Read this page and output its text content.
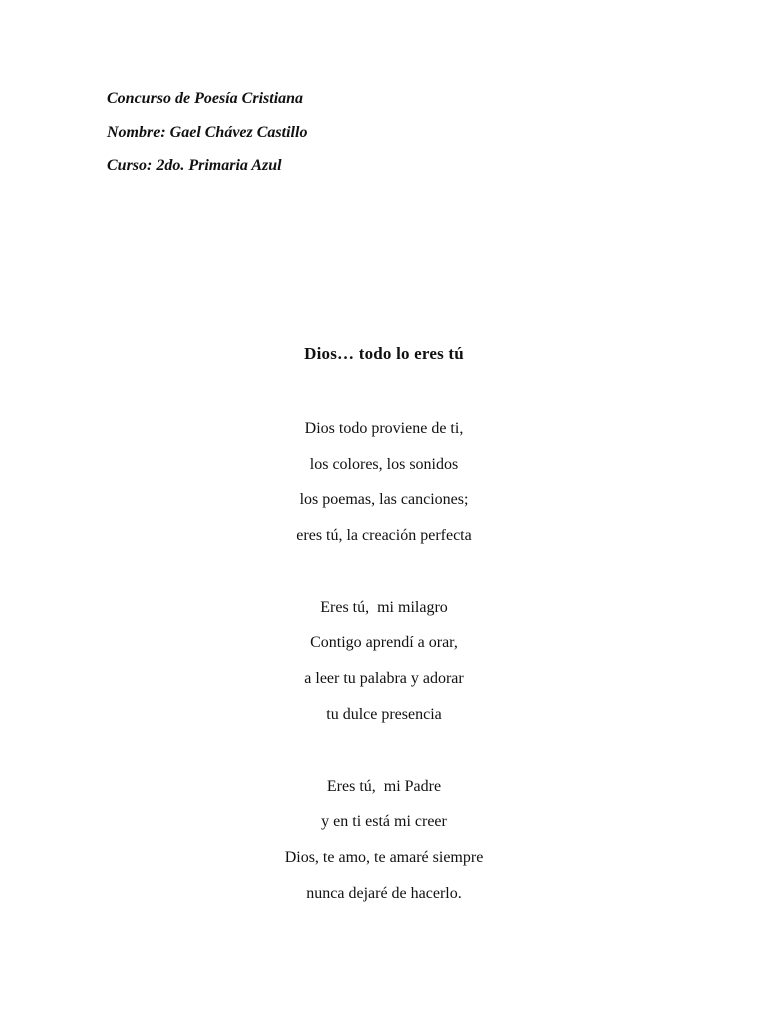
Concurso de Poesía Cristiana
Nombre: Gael Chávez Castillo
Curso: 2do. Primaria Azul
Dios… todo lo eres tú
Dios todo proviene de ti,
los colores, los sonidos
los poemas, las canciones;
eres tú, la creación perfecta
Eres tú,  mi milagro
Contigo aprendí a orar,
a leer tu palabra y adorar
tu dulce presencia
Eres tú,  mi Padre
y en ti está mi creer
Dios, te amo, te amaré siempre
nunca dejaré de hacerlo.
